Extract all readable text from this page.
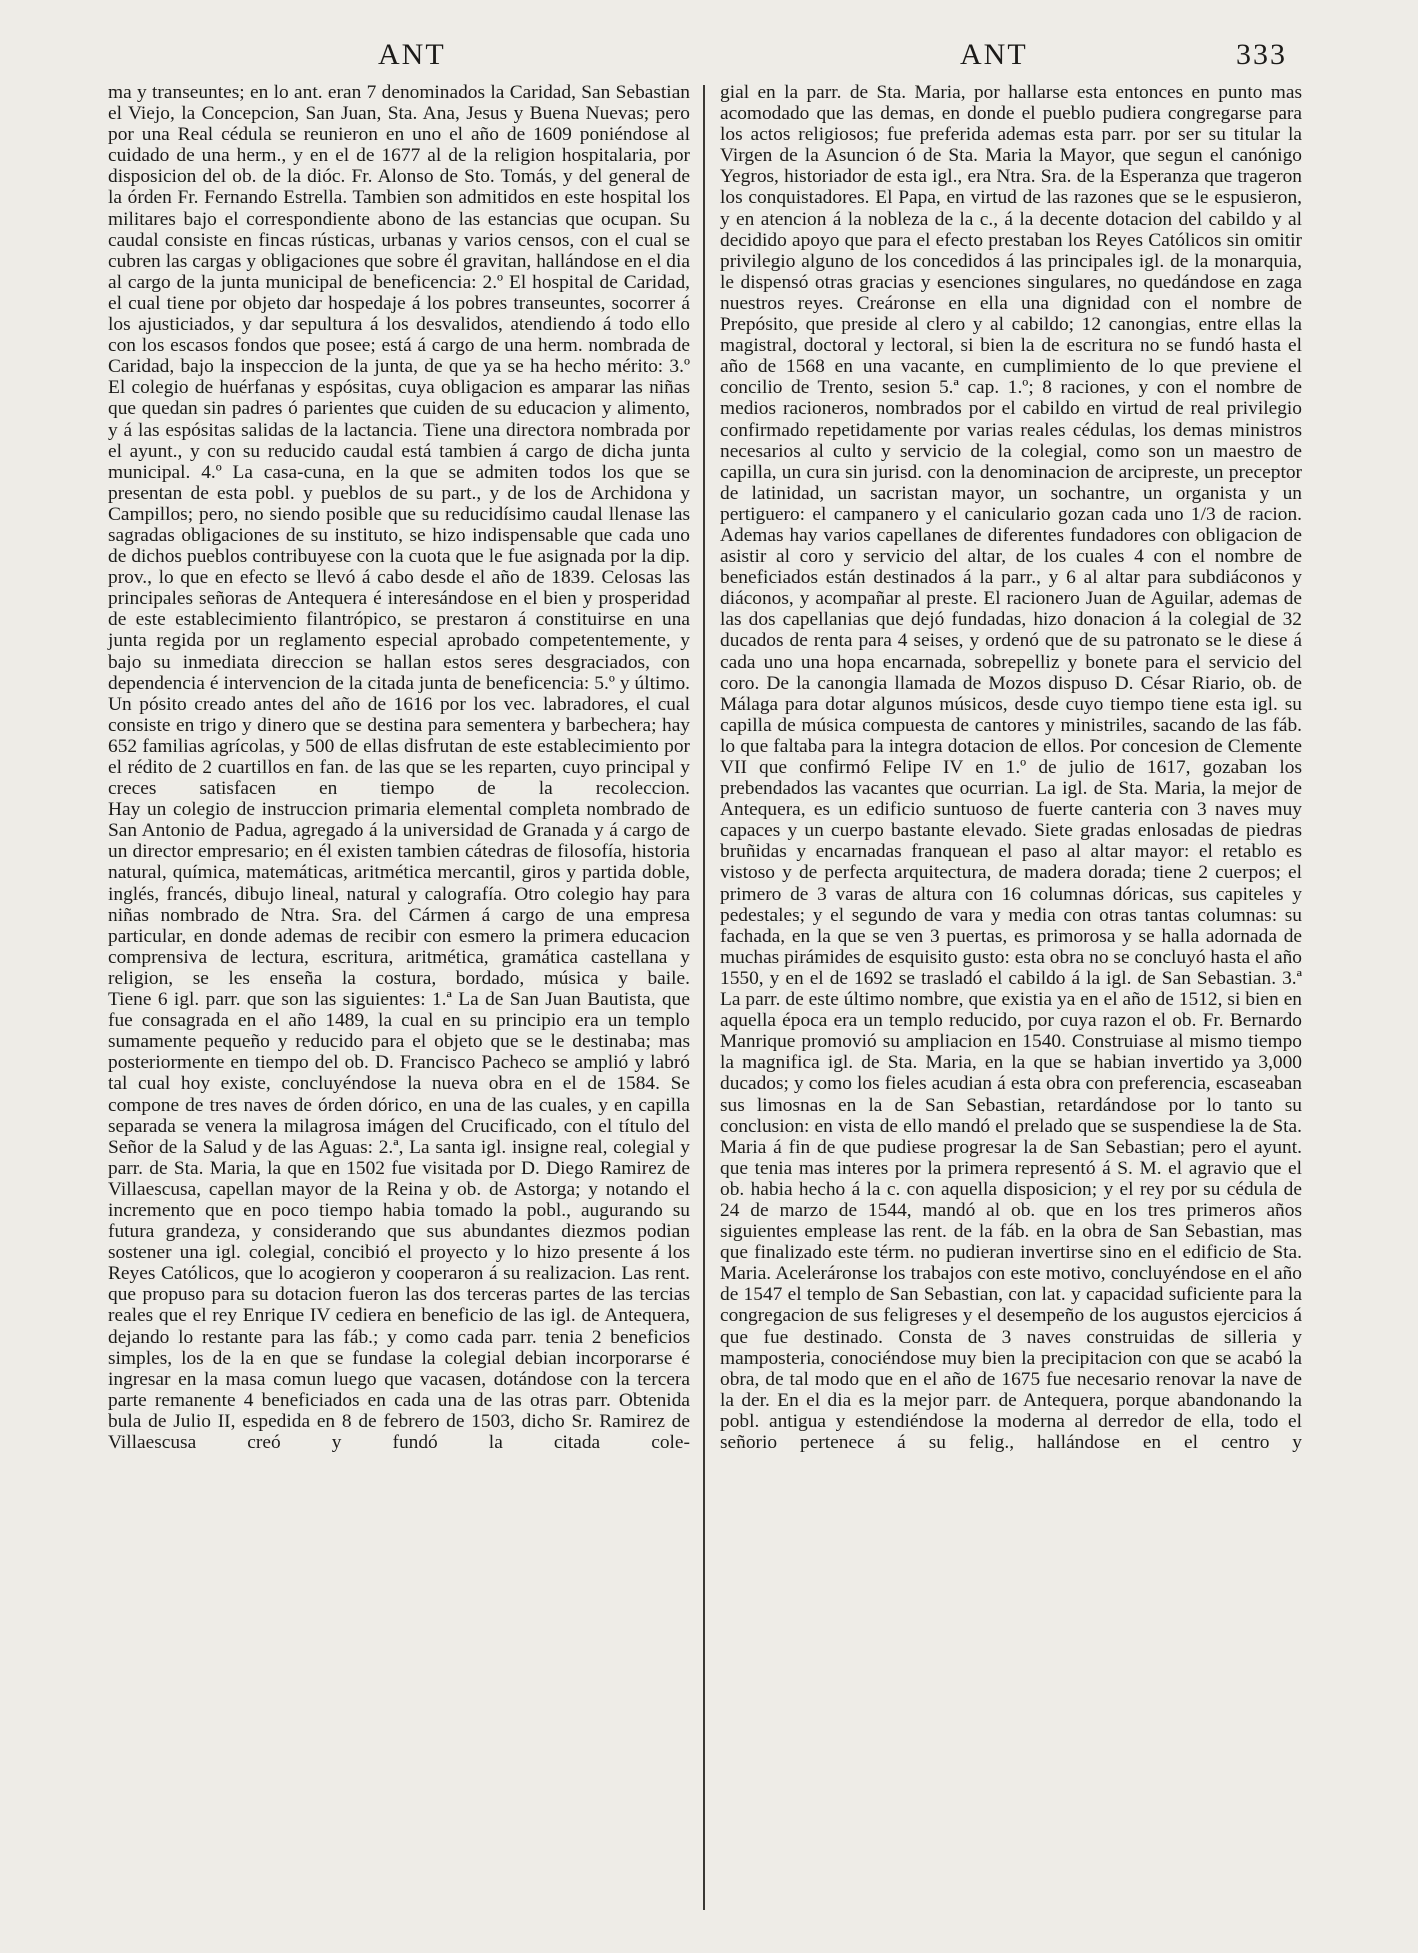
ANT	ANT	333

ma y transeuntes; en lo ant. eran 7 denominados la Caridad, San Sebastian el Viejo, la Concepcion, San Juan, Sta. Ana, Jesus y Buena Nuevas; pero por una Real cédula se reunieron en uno el año de 1609 poniéndose al cuidado de una herm., y en el de 1677 al de la religion hospitalaria, por disposicion del ob. de la dióc. Fr. Alonso de Sto. Tomás, y del general de la órden Fr. Fernando Estrella. Tambien son admitidos en este hospital los militares bajo el correspondiente abono de las estancias que ocupan. Su caudal consiste en fincas rústicas, urbanas y varios censos, con el cual se cubren las cargas y obligaciones que sobre él gravitan, hallándose en el dia al cargo de la junta municipal de beneficencia: 2.º El hospital de Caridad, el cual tiene por objeto dar hospedaje á los pobres transeuntes, socorrer á los ajusticiados, y dar sepultura á los desvalidos, atendiendo á todo ello con los escasos fondos que posee; está á cargo de una herm. nombrada de Caridad, bajo la inspeccion de la junta, de que ya se ha hecho mérito: 3.º El colegio de huérfanas y espósitas, cuya obligacion es amparar las niñas que quedan sin padres ó parientes que cuiden de su educacion y alimento, y á las espósitas salidas de la lactancia. Tiene una directora nombrada por el ayunt., y con su reducido caudal está tambien á cargo de dicha junta municipal. 4.º La casa-cuna, en la que se admiten todos los que se presentan de esta pobl. y pueblos de su part., y de los de Archidona y Campillos; pero, no siendo posible que su reducidísimo caudal llenase las sagradas obligaciones de su instituto, se hizo indispensable que cada uno de dichos pueblos contribuyese con la cuota que le fue asignada por la dip. prov., lo que en efecto se llevó á cabo desde el año de 1839. Celosas las principales señoras de Antequera é interesándose en el bien y prosperidad de este establecimiento filantrópico, se prestaron á constituirse en una junta regida por un reglamento especial aprobado competentemente, y bajo su inmediata direccion se hallan estos seres desgraciados, con dependencia é intervencion de la citada junta de beneficencia: 5.º y último. Un pósito creado antes del año de 1616 por los vec. labradores, el cual consiste en trigo y dinero que se destina para sementera y barbechera; hay 652 familias agrícolas, y 500 de ellas disfrutan de este establecimiento por el rédito de 2 cuartillos en fan. de las que se les reparten, cuyo principal y creces satisfacen en tiempo de la recoleccion.

Hay un colegio de instruccion primaria elemental completa nombrado de San Antonio de Padua, agregado á la universidad de Granada y á cargo de un director empresario; en él existen tambien cátedras de filosofía, historia natural, química, matemáticas, aritmética mercantil, giros y partida doble, inglés, francés, dibujo lineal, natural y calografía. Otro colegio hay para niñas nombrado de Ntra. Sra. del Cármen á cargo de una empresa particular, en donde ademas de recibir con esmero la primera educacion comprensiva de lectura, escritura, aritmética, gramática castellana y religion, se les enseña la costura, bordado, música y baile.

Tiene 6 igl. parr. que son las siguientes: 1.ª La de San Juan Bautista, que fue consagrada en el año 1489, la cual en su principio era un templo sumamente pequeño y reducido para el objeto que se le destinaba; mas posteriormente en tiempo del ob. D. Francisco Pacheco se amplió y labró tal cual hoy existe, concluyéndose la nueva obra en el de 1584. Se compone de tres naves de órden dórico, en una de las cuales, y en capilla separada se venera la milagrosa imágen del Crucificado, con el título del Señor de la Salud y de las Aguas: 2.ª, La santa igl. insigne real, colegial y parr. de Sta. Maria, la que en 1502 fue visitada por D. Diego Ramirez de Villaescusa, capellan mayor de la Reina y ob. de Astorga; y notando el incremento que en poco tiempo habia tomado la pobl., augurando su futura grandeza, y considerando que sus abundantes diezmos podian sostener una igl. colegial, concibió el proyecto y lo hizo presente á los Reyes Católicos, que lo acogieron y cooperaron á su realizacion. Las rent. que propuso para su dotacion fueron las dos terceras partes de las tercias reales que el rey Enrique IV cediera en beneficio de las igl. de Antequera, dejando lo restante para las fáb.; y como cada parr. tenia 2 beneficios simples, los de la en que se fundase la colegial debian incorporarse é ingresar en la masa comun luego que vacasen, dotándose con la tercera parte remanente 4 beneficiados en cada una de las otras parr. Obtenida bula de Julio II, espedida en 8 de febrero de 1503, dicho Sr. Ramirez de Villaescusa creó y fundó la citada cole-

gial en la parr. de Sta. Maria, por hallarse esta entonces en punto mas acomodado que las demas, en donde el pueblo pudiera congregarse para los actos religiosos; fue preferida ademas esta parr. por ser su titular la Virgen de la Asuncion ó de Sta. Maria la Mayor, que segun el canónigo Yegros, historiador de esta igl., era Ntra. Sra. de la Esperanza que trageron los conquistadores. El Papa, en virtud de las razones que se le espusieron, y en atencion á la nobleza de la c., á la decente dotacion del cabildo y al decidido apoyo que para el efecto prestaban los Reyes Católicos sin omitir privilegio alguno de los concedidos á las principales igl. de la monarquia, le dispensó otras gracias y esenciones singulares, no quedándose en zaga nuestros reyes. Creáronse en ella una dignidad con el nombre de Prepósito, que preside al clero y al cabildo; 12 canongias, entre ellas la magistral, doctoral y lectoral, si bien la de escritura no se fundó hasta el año de 1568 en una vacante, en cumplimiento de lo que previene el concilio de Trento, sesion 5.ª cap. 1.º; 8 raciones, y con el nombre de medios racioneros, nombrados por el cabildo en virtud de real privilegio confirmado repetidamente por varias reales cédulas, los demas ministros necesarios al culto y servicio de la colegial, como son un maestro de capilla, un cura sin jurisd. con la denominacion de arcipreste, un preceptor de latinidad, un sacristan mayor, un sochantre, un organista y un pertiguero: el campanero y el caniculario gozan cada uno 1/3 de racion. Ademas hay varios capellanes de diferentes fundadores con obligacion de asistir al coro y servicio del altar, de los cuales 4 con el nombre de beneficiados están destinados á la parr., y 6 al altar para subdiáconos y diáconos, y acompañar al preste. El racionero Juan de Aguilar, ademas de las dos capellanias que dejó fundadas, hizo donacion á la colegial de 32 ducados de renta para 4 seises, y ordenó que de su patronato se le diese á cada uno una hopa encarnada, sobrepelliz y bonete para el servicio del coro. De la canongia llamada de Mozos dispuso D. César Riario, ob. de Málaga para dotar algunos músicos, desde cuyo tiempo tiene esta igl. su capilla de música compuesta de cantores y ministriles, sacando de las fáb. lo que faltaba para la integra dotacion de ellos. Por concesion de Clemente VII que confirmó Felipe IV en 1.º de julio de 1617, gozaban los prebendados las vacantes que ocurrian. La igl. de Sta. Maria, la mejor de Antequera, es un edificio suntuoso de fuerte canteria con 3 naves muy capaces y un cuerpo bastante elevado. Siete gradas enlosadas de piedras bruñidas y encarnadas franquean el paso al altar mayor: el retablo es vistoso y de perfecta arquitectura, de madera dorada; tiene 2 cuerpos; el primero de 3 varas de altura con 16 columnas dóricas, sus capiteles y pedestales; y el segundo de vara y media con otras tantas columnas: su fachada, en la que se ven 3 puertas, es primorosa y se halla adornada de muchas pirámides de esquisito gusto: esta obra no se concluyó hasta el año 1550, y en el de 1692 se trasladó el cabildo á la igl. de San Sebastian. 3.ª La parr. de este último nombre, que existia ya en el año de 1512, si bien en aquella época era un templo reducido, por cuya razon el ob. Fr. Bernardo Manrique promovió su ampliacion en 1540. Construiase al mismo tiempo la magnifica igl. de Sta. Maria, en la que se habian invertido ya 3,000 ducados; y como los fieles acudian á esta obra con preferencia, escaseaban sus limosnas en la de San Sebastian, retardándose por lo tanto su conclusion: en vista de ello mandó el prelado que se suspendiese la de Sta. Maria á fin de que pudiese progresar la de San Sebastian; pero el ayunt. que tenia mas interes por la primera representó á S. M. el agravio que el ob. habia hecho á la c. con aquella disposicion; y el rey por su cédula de 24 de marzo de 1544, mandó al ob. que en los tres primeros años siguientes emplease las rent. de la fáb. en la obra de San Sebastian, mas que finalizado este térm. no pudieran invertirse sino en el edificio de Sta. Maria. Aceleráronse los trabajos con este motivo, concluyéndose en el año de 1547 el templo de San Sebastian, con lat. y capacidad suficiente para la congregacion de sus feligreses y el desempeño de los augustos ejercicios á que fue destinado. Consta de 3 naves construidas de silleria y mamposteria, conociéndose muy bien la precipitacion con que se acabó la obra, de tal modo que en el año de 1675 fue necesario renovar la nave de la der. En el dia es la mejor parr. de Antequera, porque abandonando la pobl. antigua y estendiéndose la moderna al derredor de ella, todo el señorio pertenece á su felig., hallándose en el centro y
